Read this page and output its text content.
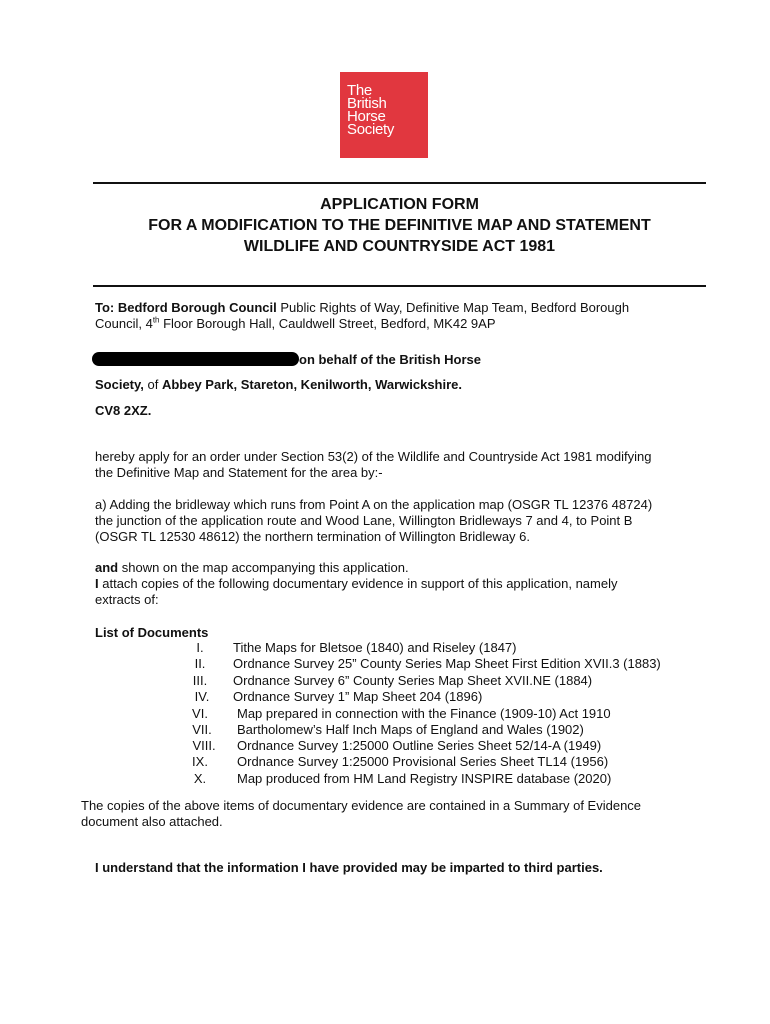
The
British
Horse
Society
APPLICATION FORM
FOR A MODIFICATION TO THE DEFINITIVE MAP AND STATEMENT
WILDLIFE AND COUNTRYSIDE ACT 1981
To: Bedford Borough Council Public Rights of Way, Definitive Map Team, Bedford Borough
Council, 4th Floor Borough Hall, Cauldwell Street, Bedford, MK42 9AP
on behalf of the British Horse
Society, of Abbey Park, Stareton, Kenilworth, Warwickshire.
CV8 2XZ.
hereby apply for an order under Section 53(2) of the Wildlife and Countryside Act 1981 modifying
the Definitive Map and Statement for the area by:-
a) Adding the bridleway which runs from Point A on the application map (OSGR TL 12376 48724)
the junction of the application route and Wood Lane, Willington Bridleways 7 and 4, to Point B
(OSGR TL 12530 48612) the northern termination of Willington Bridleway 6.
and shown on the map accompanying this application.
I attach copies of the following documentary evidence in support of this application, namely
extracts of:
List of Documents
I.	Tithe Maps for Bletsoe (1840) and Riseley (1847)
II.	Ordnance Survey 25” County Series Map Sheet First Edition XVII.3 (1883)
III.	Ordnance Survey 6” County Series Map Sheet XVII.NE (1884)
IV.	Ordnance Survey 1” Map Sheet 204 (1896)
VI.	Map prepared in connection with the Finance (1909-10) Act 1910
VII.	Bartholomew’s Half Inch Maps of England and Wales (1902)
VIII.	Ordnance Survey 1:25000 Outline Series Sheet 52/14-A (1949)
IX.	Ordnance Survey 1:25000 Provisional Series Sheet TL14 (1956)
X.	Map produced from HM Land Registry INSPIRE database (2020)
The copies of the above items of documentary evidence are contained in a Summary of Evidence
document also attached.
I understand that the information I have provided may be imparted to third parties.
